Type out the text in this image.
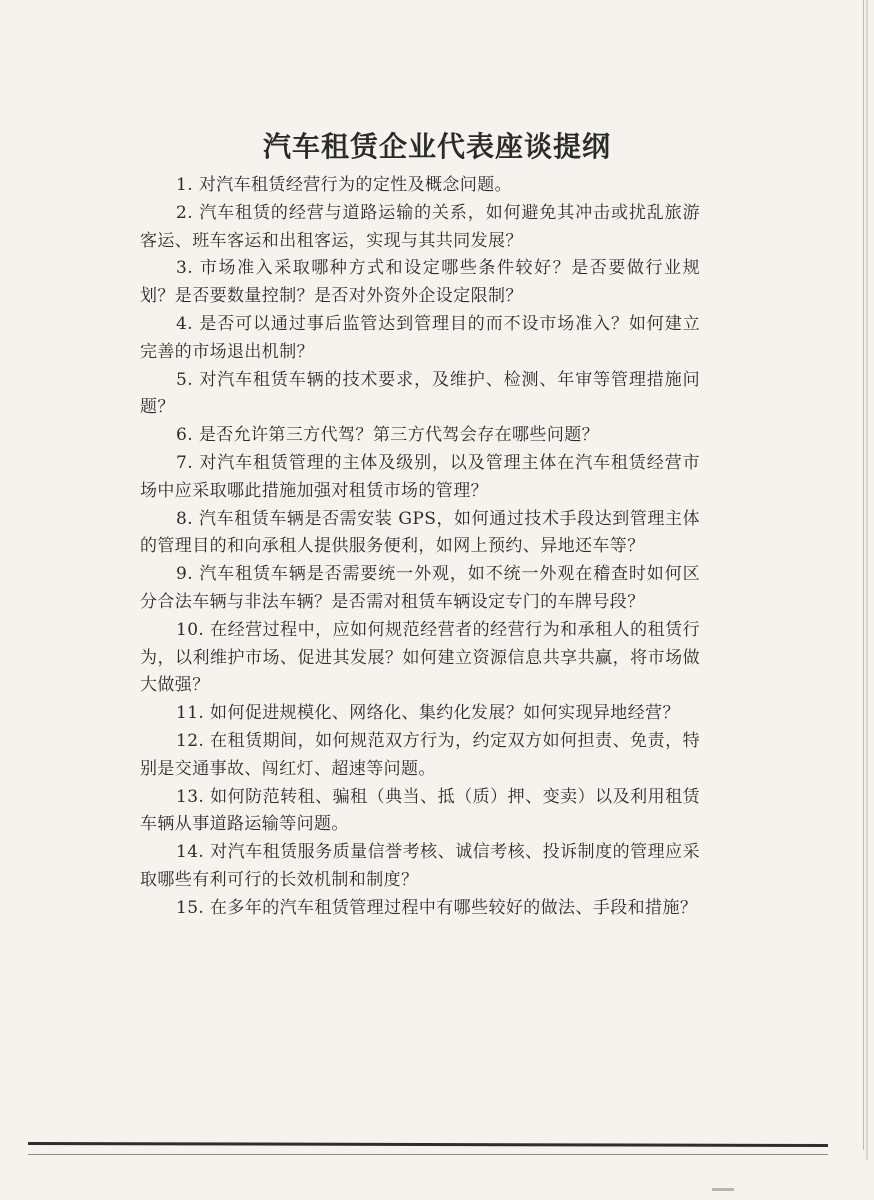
汽车租赁企业代表座谈提纲

1. 对汽车租赁经营行为的定性及概念问题。

2. 汽车租赁的经营与道路运输的关系，如何避免其冲击或扰乱旅游客运、班车客运和出租客运，实现与其共同发展？

3. 市场准入采取哪种方式和设定哪些条件较好？是否要做行业规划？是否要数量控制？是否对外资外企设定限制？

4. 是否可以通过事后监管达到管理目的而不设市场准入？如何建立完善的市场退出机制？

5. 对汽车租赁车辆的技术要求，及维护、检测、年审等管理措施问题？

6. 是否允许第三方代驾？第三方代驾会存在哪些问题？

7. 对汽车租赁管理的主体及级别，以及管理主体在汽车租赁经营市场中应采取哪此措施加强对租赁市场的管理？

8. 汽车租赁车辆是否需安装 GPS，如何通过技术手段达到管理主体的管理目的和向承租人提供服务便利，如网上预约、异地还车等？

9. 汽车租赁车辆是否需要统一外观，如不统一外观在稽查时如何区分合法车辆与非法车辆？是否需对租赁车辆设定专门的车牌号段？

10. 在经营过程中，应如何规范经营者的经营行为和承租人的租赁行为，以利维护市场、促进其发展？如何建立资源信息共享共赢，将市场做大做强？

11. 如何促进规模化、网络化、集约化发展？如何实现异地经营？

12. 在租赁期间，如何规范双方行为，约定双方如何担责、免责，特别是交通事故、闯红灯、超速等问题。

13. 如何防范转租、骗租（典当、抵（质）押、变卖）以及利用租赁车辆从事道路运输等问题。

14. 对汽车租赁服务质量信誉考核、诚信考核、投诉制度的管理应采取哪些有利可行的长效机制和制度？

15. 在多年的汽车租赁管理过程中有哪些较好的做法、手段和措施？
